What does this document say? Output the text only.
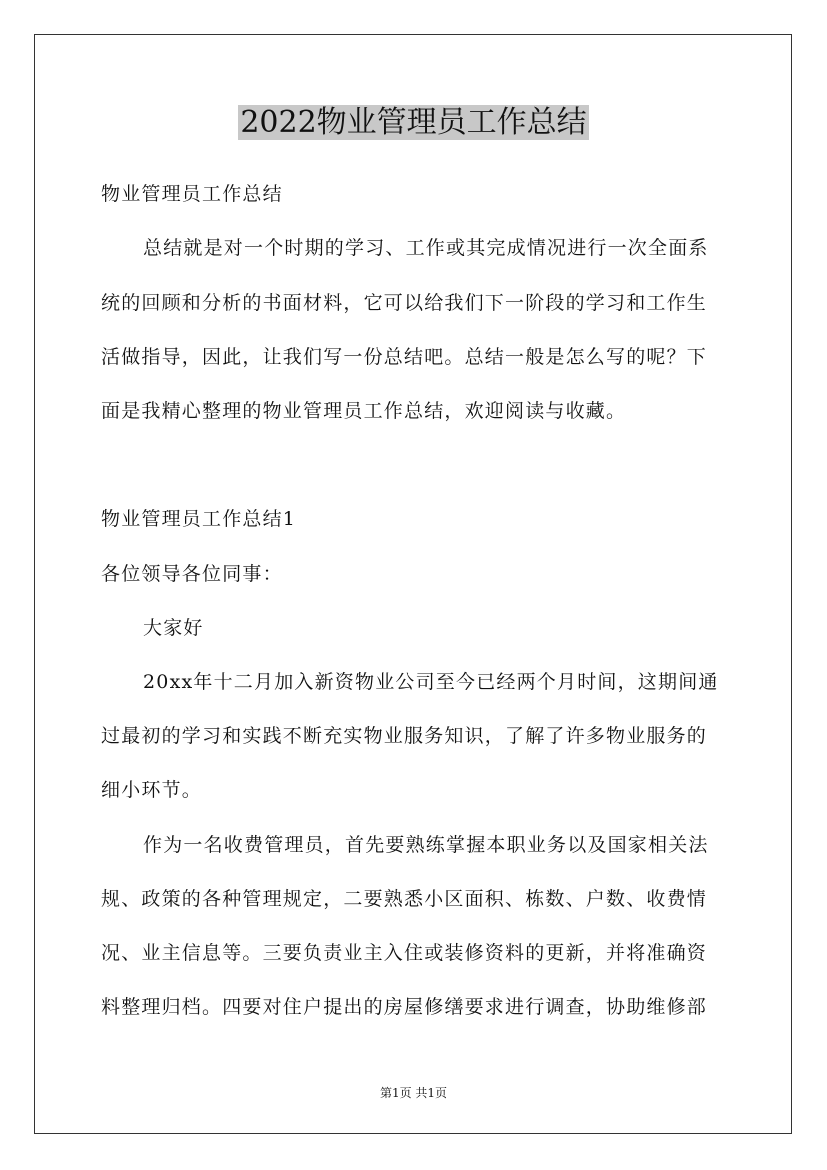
2022物业管理员工作总结
物业管理员工作总结
总结就是对一个时期的学习、工作或其完成情况进行一次全面系
统的回顾和分析的书面材料，它可以给我们下一阶段的学习和工作生
活做指导，因此，让我们写一份总结吧。总结一般是怎么写的呢？下
面是我精心整理的物业管理员工作总结，欢迎阅读与收藏。
物业管理员工作总结1
各位领导各位同事：
大家好
20xx年十二月加入新资物业公司至今已经两个月时间，这期间通
过最初的学习和实践不断充实物业服务知识，了解了许多物业服务的
细小环节。
作为一名收费管理员，首先要熟练掌握本职业务以及国家相关法
规、政策的各种管理规定，二要熟悉小区面积、栋数、户数、收费情
况、业主信息等。三要负责业主入住或装修资料的更新，并将准确资
料整理归档。四要对住户提出的房屋修缮要求进行调查，协助维修部
第1页 共1页
